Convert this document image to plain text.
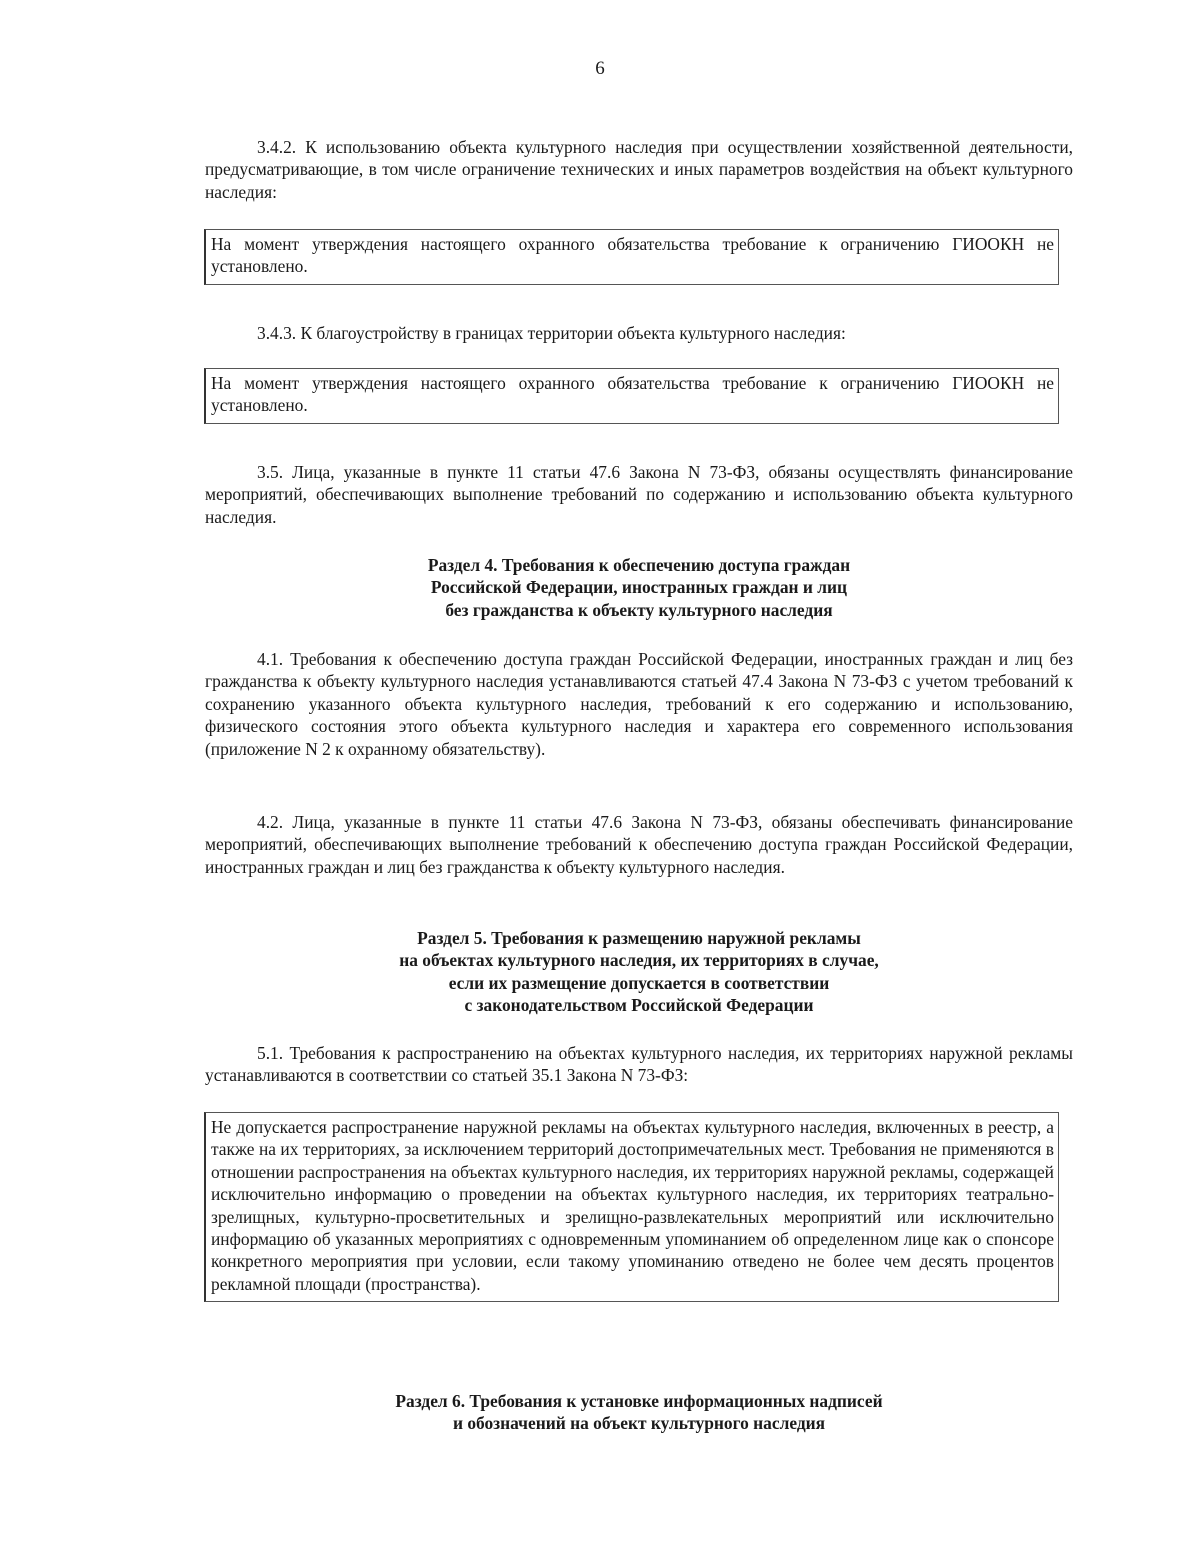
6

3.4.2. К использованию объекта культурного наследия при осуществлении хозяйственной деятельности, предусматривающие, в том числе ограничение технических и иных параметров воздействия на объект культурного наследия:

На момент утверждения настоящего охранного обязательства требование к ограничению ГИООКН не установлено.

3.4.3. К благоустройству в границах территории объекта культурного наследия:

На момент утверждения настоящего охранного обязательства требование к ограничению ГИООКН не установлено.

3.5. Лица, указанные в пункте 11 статьи 47.6 Закона N 73-ФЗ, обязаны осуществлять финансирование мероприятий, обеспечивающих выполнение требований по содержанию и использованию объекта культурного наследия.

Раздел 4. Требования к обеспечению доступа граждан
Российской Федерации, иностранных граждан и лиц
без гражданства к объекту культурного наследия

4.1. Требования к обеспечению доступа граждан Российской Федерации, иностранных граждан и лиц без гражданства к объекту культурного наследия устанавливаются статьей 47.4 Закона N 73-ФЗ с учетом требований к сохранению указанного объекта культурного наследия, требований к его содержанию и использованию, физического состояния этого объекта культурного наследия и характера его современного использования (приложение N 2 к охранному обязательству).

4.2. Лица, указанные в пункте 11 статьи 47.6 Закона N 73-ФЗ, обязаны обеспечивать финансирование мероприятий, обеспечивающих выполнение требований к обеспечению доступа граждан Российской Федерации, иностранных граждан и лиц без гражданства к объекту культурного наследия.

Раздел 5. Требования к размещению наружной рекламы
на объектах культурного наследия, их территориях в случае,
если их размещение допускается в соответствии
с законодательством Российской Федерации

5.1. Требования к распространению на объектах культурного наследия, их территориях наружной рекламы устанавливаются в соответствии со статьей 35.1 Закона N 73-ФЗ:

Не допускается распространение наружной рекламы на объектах культурного наследия, включенных в реестр, а также на их территориях, за исключением территорий достопримечательных мест. Требования не применяются в отношении распространения на объектах культурного наследия, их территориях наружной рекламы, содержащей исключительно информацию о проведении на объектах культурного наследия, их территориях театрально-зрелищных, культурно-просветительных и зрелищно-развлекательных мероприятий или исключительно информацию об указанных мероприятиях с одновременным упоминанием об определенном лице как о спонсоре конкретного мероприятия при условии, если такому упоминанию отведено не более чем десять процентов рекламной площади (пространства).
Раздел 6. Требования к установке информационных надписей
и обозначений на объект культурного наследия
